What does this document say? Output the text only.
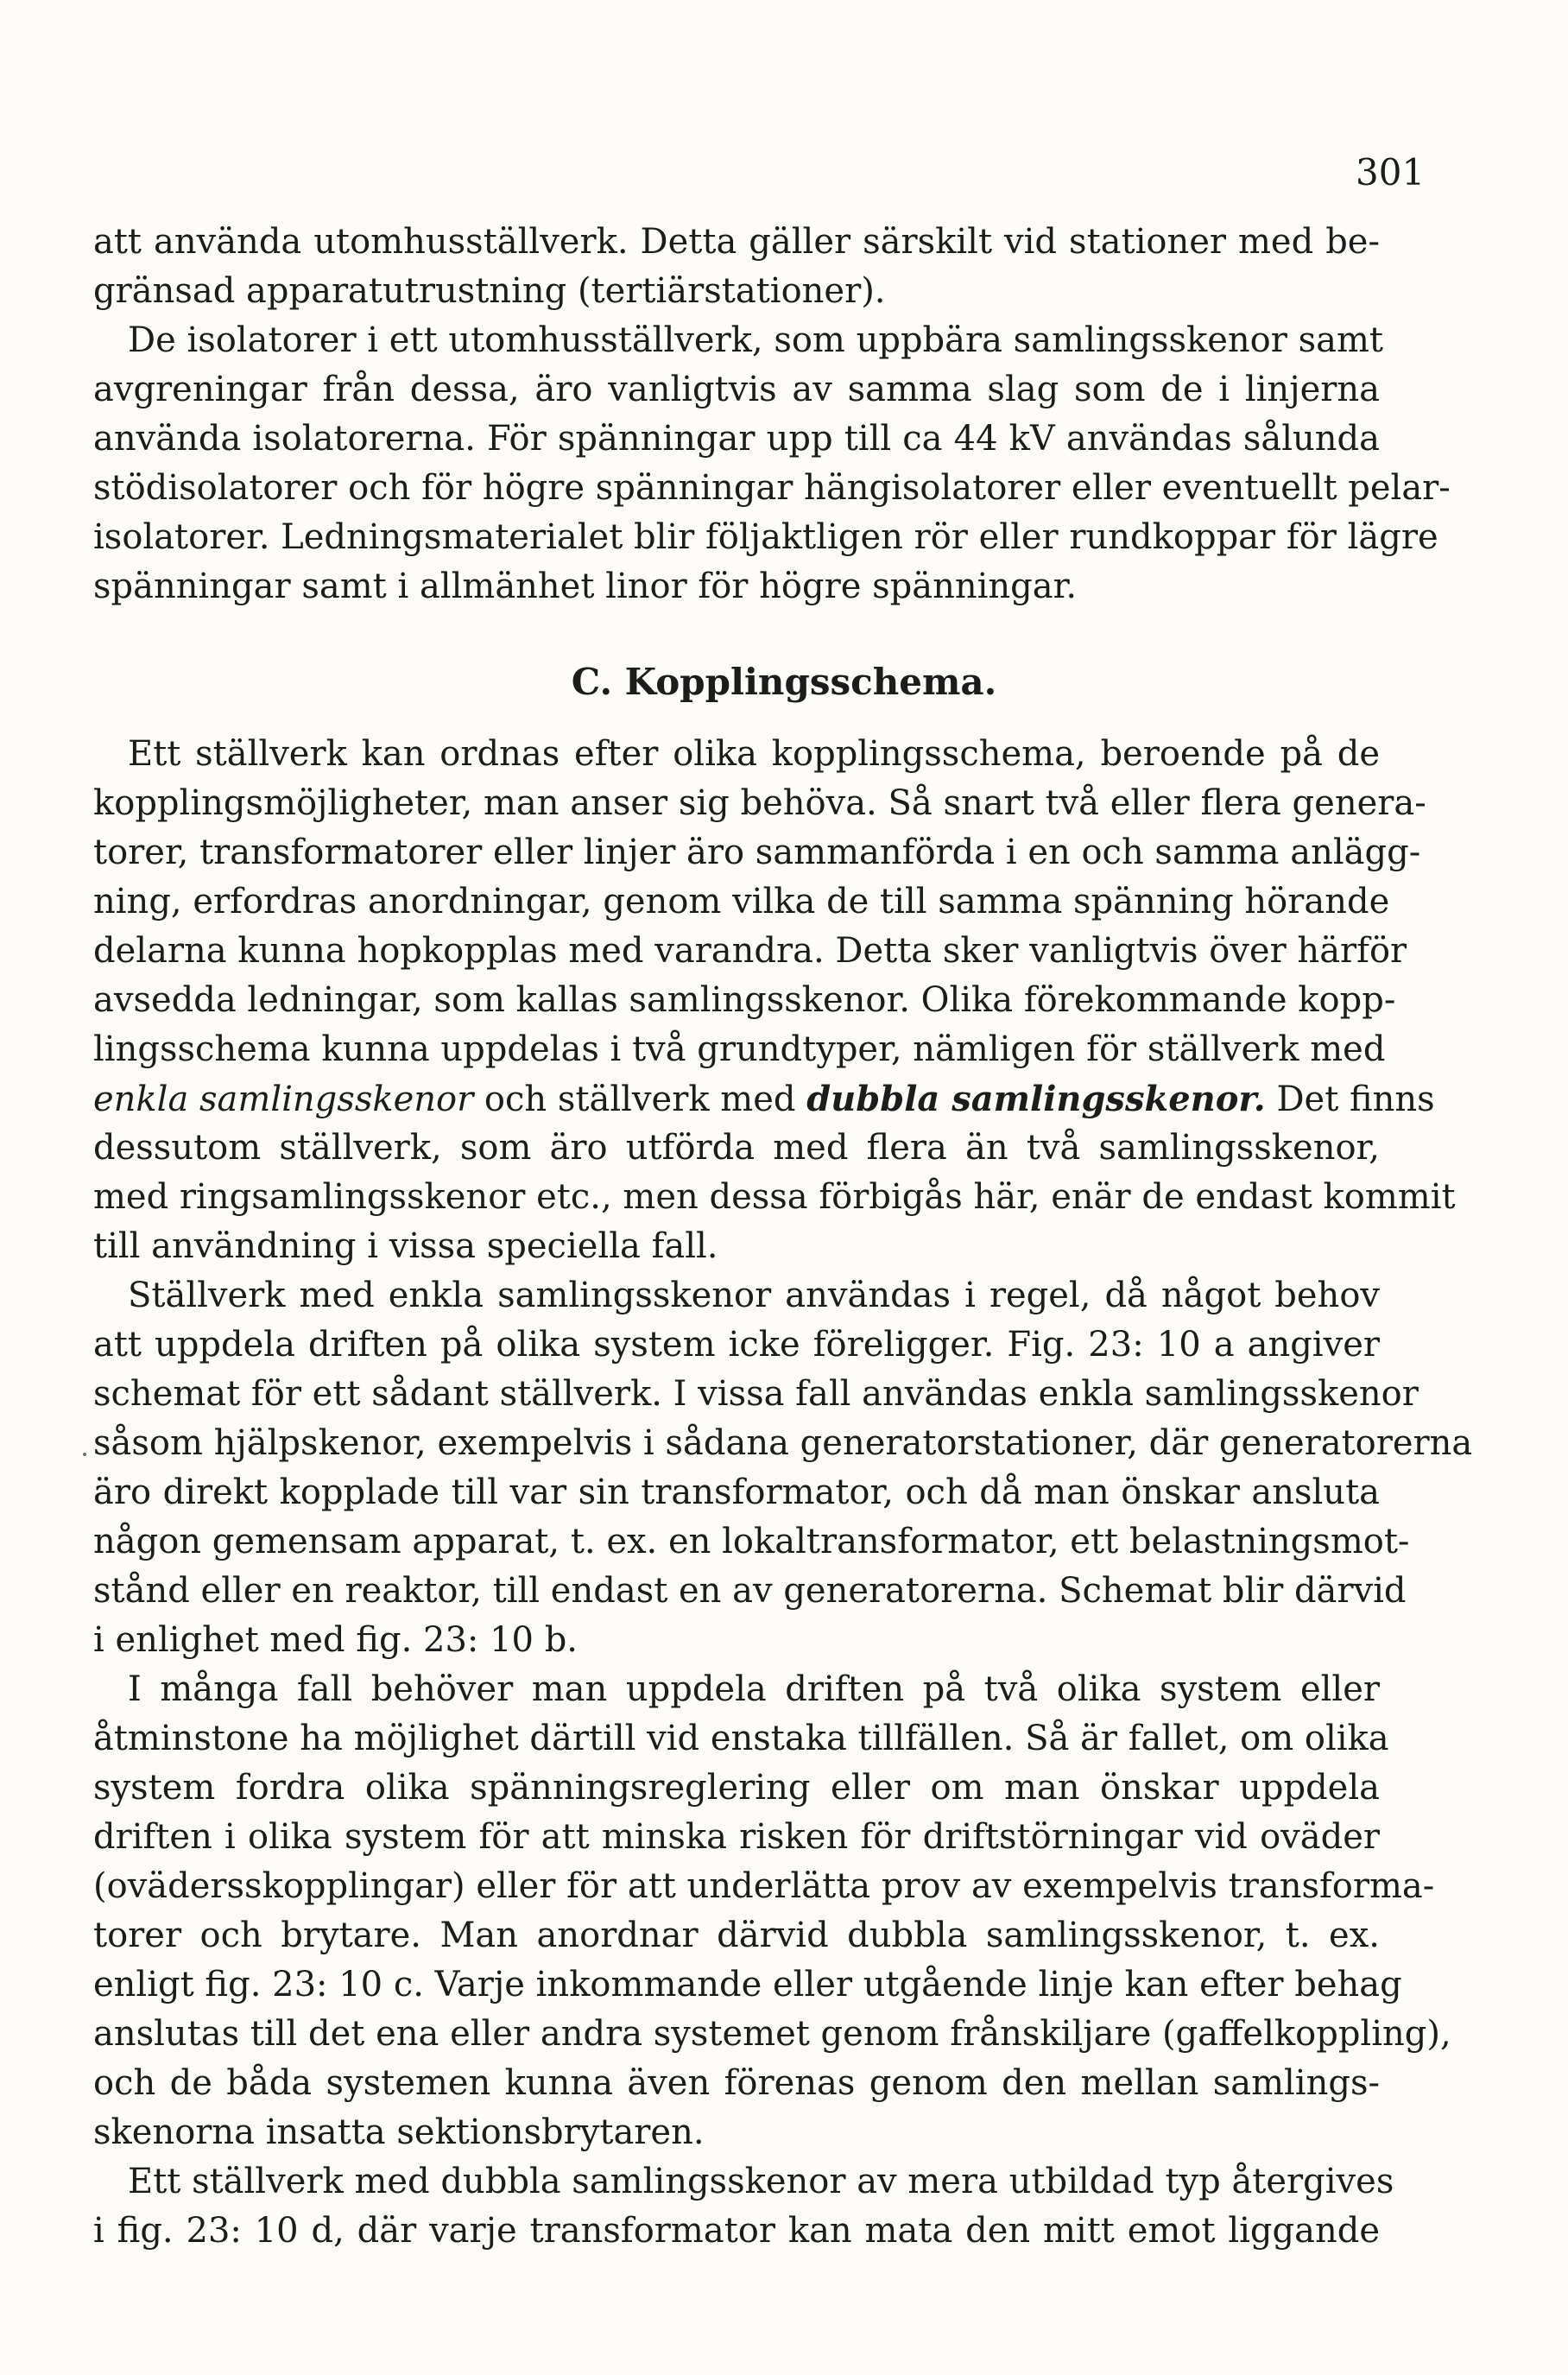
301
att använda utomhusställverk. Detta gäller särskilt vid stationer med be-
gränsad apparatutrustning (tertiärstationer).
De isolatorer i ett utomhusställverk, som uppbära samlingsskenor samt
avgreningar från dessa, äro vanligtvis av samma slag som de i linjerna
använda isolatorerna. För spänningar upp till ca 44 kV användas sålunda
stödisolatorer och för högre spänningar hängisolatorer eller eventuellt pelar-
isolatorer. Ledningsmaterialet blir följaktligen rör eller rundkoppar för lägre
spänningar samt i allmänhet linor för högre spänningar.
C. Kopplingsschema.
Ett ställverk kan ordnas efter olika kopplingsschema, beroende på de
kopplingsmöjligheter, man anser sig behöva. Så snart två eller flera genera-
torer, transformatorer eller linjer äro sammanförda i en och samma anlägg-
ning, erfordras anordningar, genom vilka de till samma spänning hörande
delarna kunna hopkopplas med varandra. Detta sker vanligtvis över härför
avsedda ledningar, som kallas samlingsskenor. Olika förekommande kopp-
lingsschema kunna uppdelas i två grundtyper, nämligen för ställverk med
enkla samlingsskenor och ställverk med dubbla samlingsskenor. Det finns
dessutom ställverk, som äro utförda med flera än två samlingsskenor,
med ringsamlingsskenor etc., men dessa förbigås här, enär de endast kommit
till användning i vissa speciella fall.
Ställverk med enkla samlingsskenor användas i regel, då något behov
att uppdela driften på olika system icke föreligger. Fig. 23: 10 a angiver
schemat för ett sådant ställverk. I vissa fall användas enkla samlingsskenor
såsom hjälpskenor, exempelvis i sådana generatorstationer, där generatorerna
äro direkt kopplade till var sin transformator, och då man önskar ansluta
någon gemensam apparat, t. ex. en lokaltransformator, ett belastningsmot-
stånd eller en reaktor, till endast en av generatorerna. Schemat blir därvid
i enlighet med fig. 23: 10 b.
I många fall behöver man uppdela driften på två olika system eller
åtminstone ha möjlighet därtill vid enstaka tillfällen. Så är fallet, om olika
system fordra olika spänningsreglering eller om man önskar uppdela
driften i olika system för att minska risken för driftstörningar vid oväder
(ovädersskopplingar) eller för att underlätta prov av exempelvis transforma-
torer och brytare. Man anordnar därvid dubbla samlingsskenor, t. ex.
enligt fig. 23: 10 c. Varje inkommande eller utgående linje kan efter behag
anslutas till det ena eller andra systemet genom frånskiljare (gaffelkoppling),
och de båda systemen kunna även förenas genom den mellan samlings-
skenorna insatta sektionsbrytaren.
Ett ställverk med dubbla samlingsskenor av mera utbildad typ återgives
i fig. 23: 10 d, där varje transformator kan mata den mitt emot liggande
